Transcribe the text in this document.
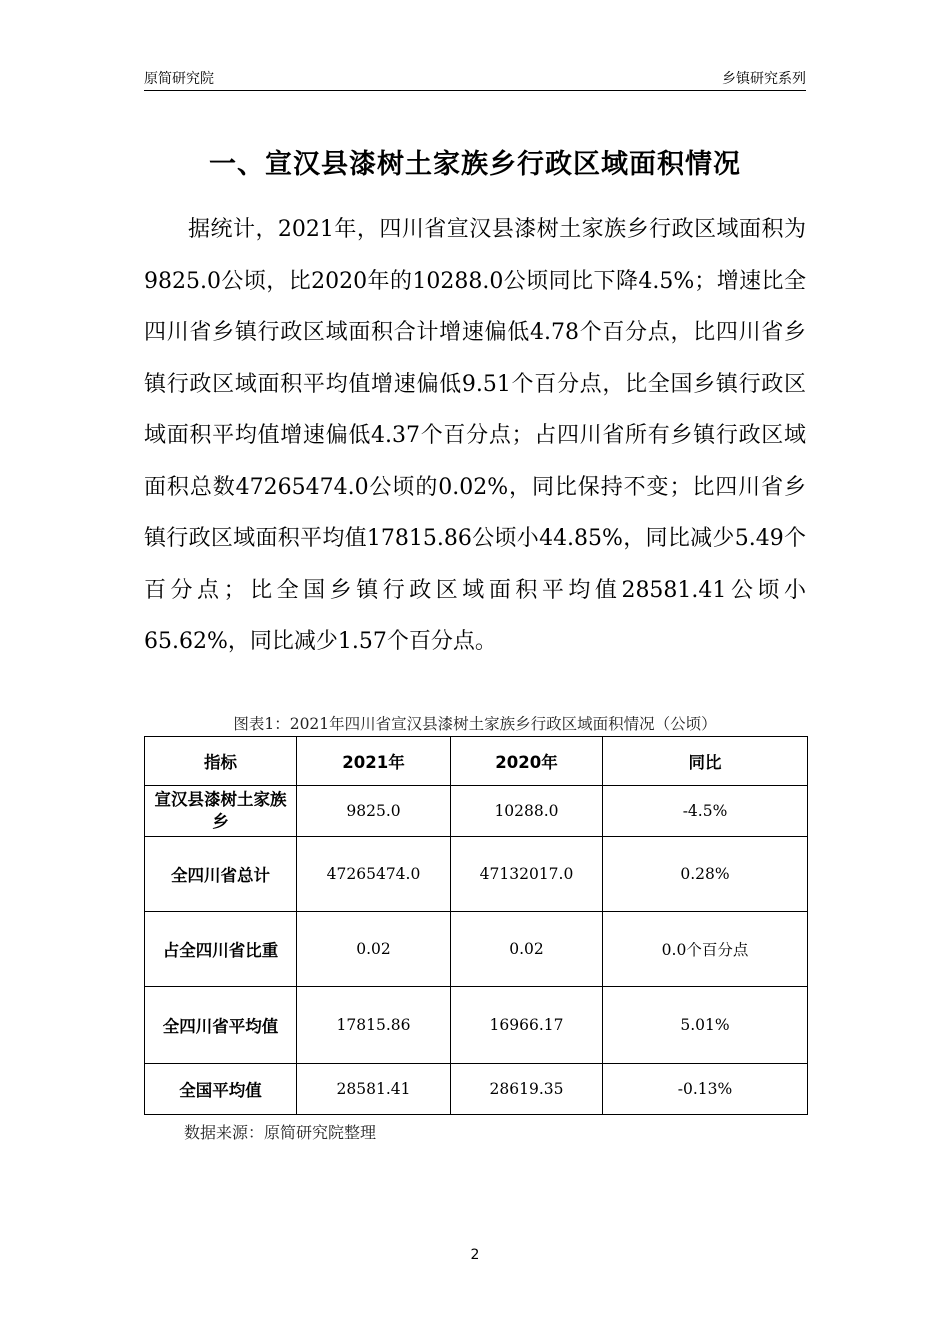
原简研究院	乡镇研究系列
一、宣汉县漆树土家族乡行政区域面积情况

据统计，2021年，四川省宣汉县漆树土家族乡行政区域面积为9825.0公顷，比2020年的10288.0公顷同比下降4.5%；增速比全四川省乡镇行政区域面积合计增速偏低4.78个百分点，比四川省乡镇行政区域面积平均值增速偏低9.51个百分点，比全国乡镇行政区域面积平均值增速偏低4.37个百分点；占四川省所有乡镇行政区域面积总数47265474.0公顷的0.02%，同比保持不变；比四川省乡镇行政区域面积平均值17815.86公顷小44.85%，同比减少5.49个百分点；比全国乡镇行政区域面积平均值28581.41公顷小65.62%，同比减少1.57个百分点。

图表1：2021年四川省宣汉县漆树土家族乡行政区域面积情况（公顷）
指标	2021年	2020年	同比
宣汉县漆树土家族乡	9825.0	10288.0	-4.5%
全四川省总计	47265474.0	47132017.0	0.28%
占全四川省比重	0.02	0.02	0.0个百分点
全四川省平均值	17815.86	16966.17	5.01%
全国平均值	28581.41	28619.35	-0.13%
数据来源：原简研究院整理
2
